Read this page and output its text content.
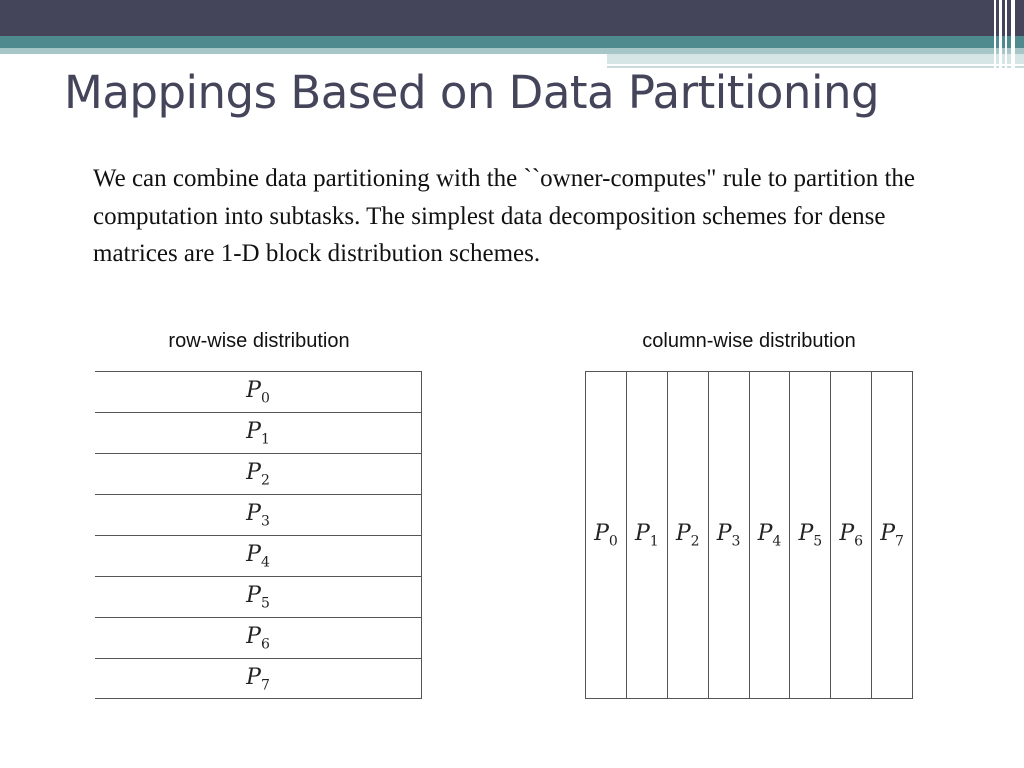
Mappings Based on Data Partitioning

We can combine data partitioning with the ``owner-computes" rule to partition the computation into subtasks. The simplest data decomposition schemes for dense matrices are 1-D block distribution schemes.

row-wise distribution	column-wise distribution
$P_0$
$P_1$
$P_2$
$P_3$
$P_4$
$P_5$
$P_6$
$P_7$
$P_0$ $P_1$ $P_2$ $P_3$ $P_4$ $P_5$ $P_6$ $P_7$
